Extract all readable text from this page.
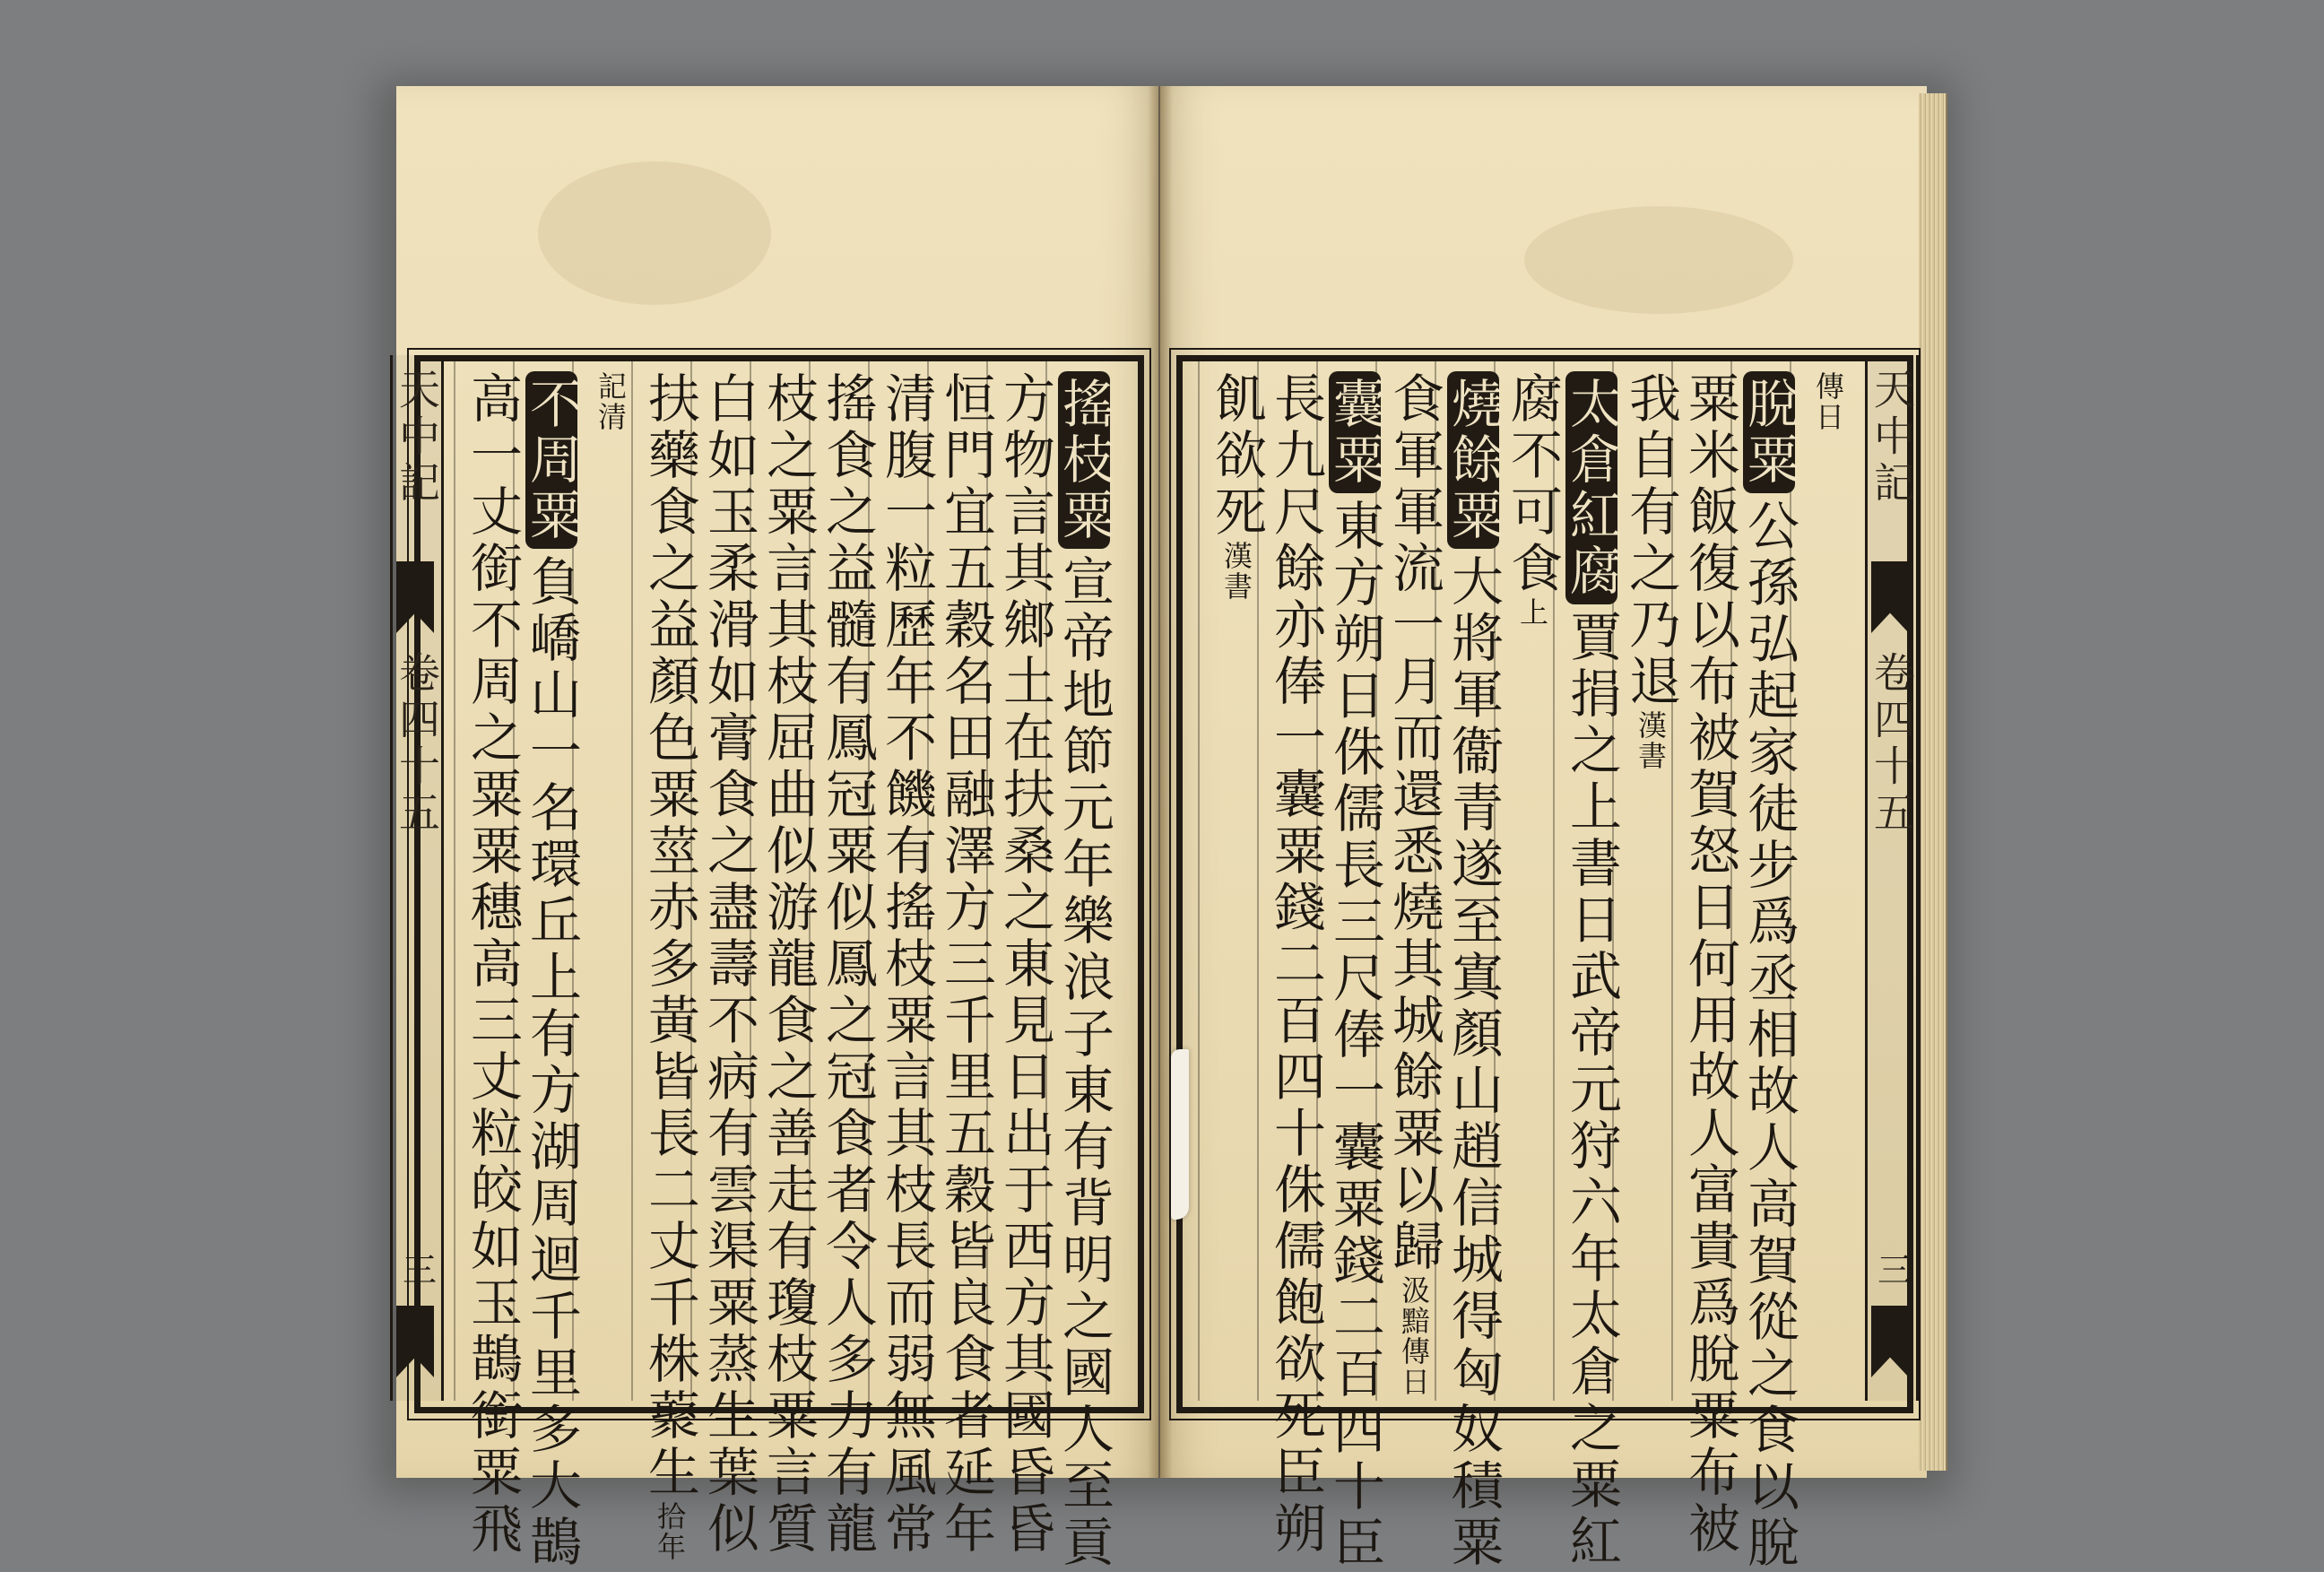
天中記
卷四十五
三
天中記
卷四十五
三
傳日
脫粟公孫弘起家徒步爲丞相故人高賀從之食以脫
粟米飯復以布被賀怒日何用故人富貴爲脫粟布被
我自有之乃退漢書
太倉紅腐賈捐之上書日武帝元狩六年太倉之粟紅
腐不可食上
燒餘粟大將軍衞青遂至寘顏山趙信城得匈奴積粟
食軍軍流一月而還悉燒其城餘粟以歸汲黯傳日
囊粟東方朔日侏儒長三尺俸一囊粟錢二百四十臣
長九尺餘亦俸一囊粟錢二百四十侏儒飽欲死臣朔
飢欲死漢書
搖枝粟宣帝地節元年樂浪子東有背明之國人至貢
方物言其鄉土在扶桑之東見日出于西方其國昏昏
恒門宜五穀名田融澤方三千里五穀皆良食者延年
清腹一粒歷年不饑有搖枝粟言其枝長而弱無風常
搖食之益髓有鳳冠粟似鳳之冠食者令人多力有龍
枝之粟言其枝屈曲似游龍食之善走有瓊枝粟言質
白如玉柔滑如膏食之盡壽不病有雲渠粟蒸生葉似
扶藥食之益顏色粟莖赤多黃皆長二丈千株藂生拾年
記清
不周粟負嶠山一名環丘上有方湖周迴千里多大鵲
高一丈銜不周之粟粟穗高三丈粒皎如玉鵲銜粟飛
